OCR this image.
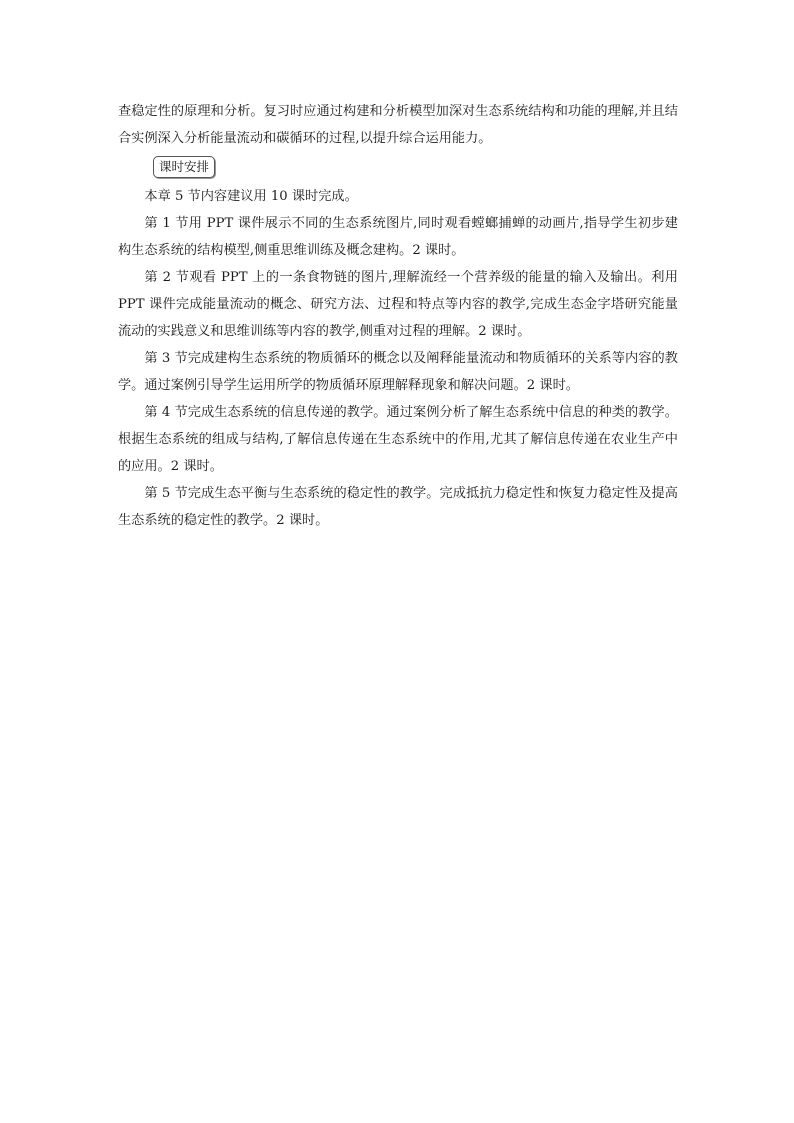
查稳定性的原理和分析。复习时应通过构建和分析模型加深对生态系统结构和功能的理解,并且结合实例深入分析能量流动和碳循环的过程,以提升综合运用能力。

课时安排

本章 5 节内容建议用 10 课时完成。

第 1 节用 PPT 课件展示不同的生态系统图片,同时观看螳螂捕蝉的动画片,指导学生初步建构生态系统的结构模型,侧重思维训练及概念建构。2 课时。

第 2 节观看 PPT 上的一条食物链的图片,理解流经一个营养级的能量的输入及输出。利用 PPT 课件完成能量流动的概念、研究方法、过程和特点等内容的教学,完成生态金字塔研究能量流动的实践意义和思维训练等内容的教学,侧重对过程的理解。2 课时。

第 3 节完成建构生态系统的物质循环的概念以及阐释能量流动和物质循环的关系等内容的教学。通过案例引导学生运用所学的物质循环原理解释现象和解决问题。2 课时。

第 4 节完成生态系统的信息传递的教学。通过案例分析了解生态系统中信息的种类的教学。根据生态系统的组成与结构,了解信息传递在生态系统中的作用,尤其了解信息传递在农业生产中的应用。2 课时。

第 5 节完成生态平衡与生态系统的稳定性的教学。完成抵抗力稳定性和恢复力稳定性及提高生态系统的稳定性的教学。2 课时。
